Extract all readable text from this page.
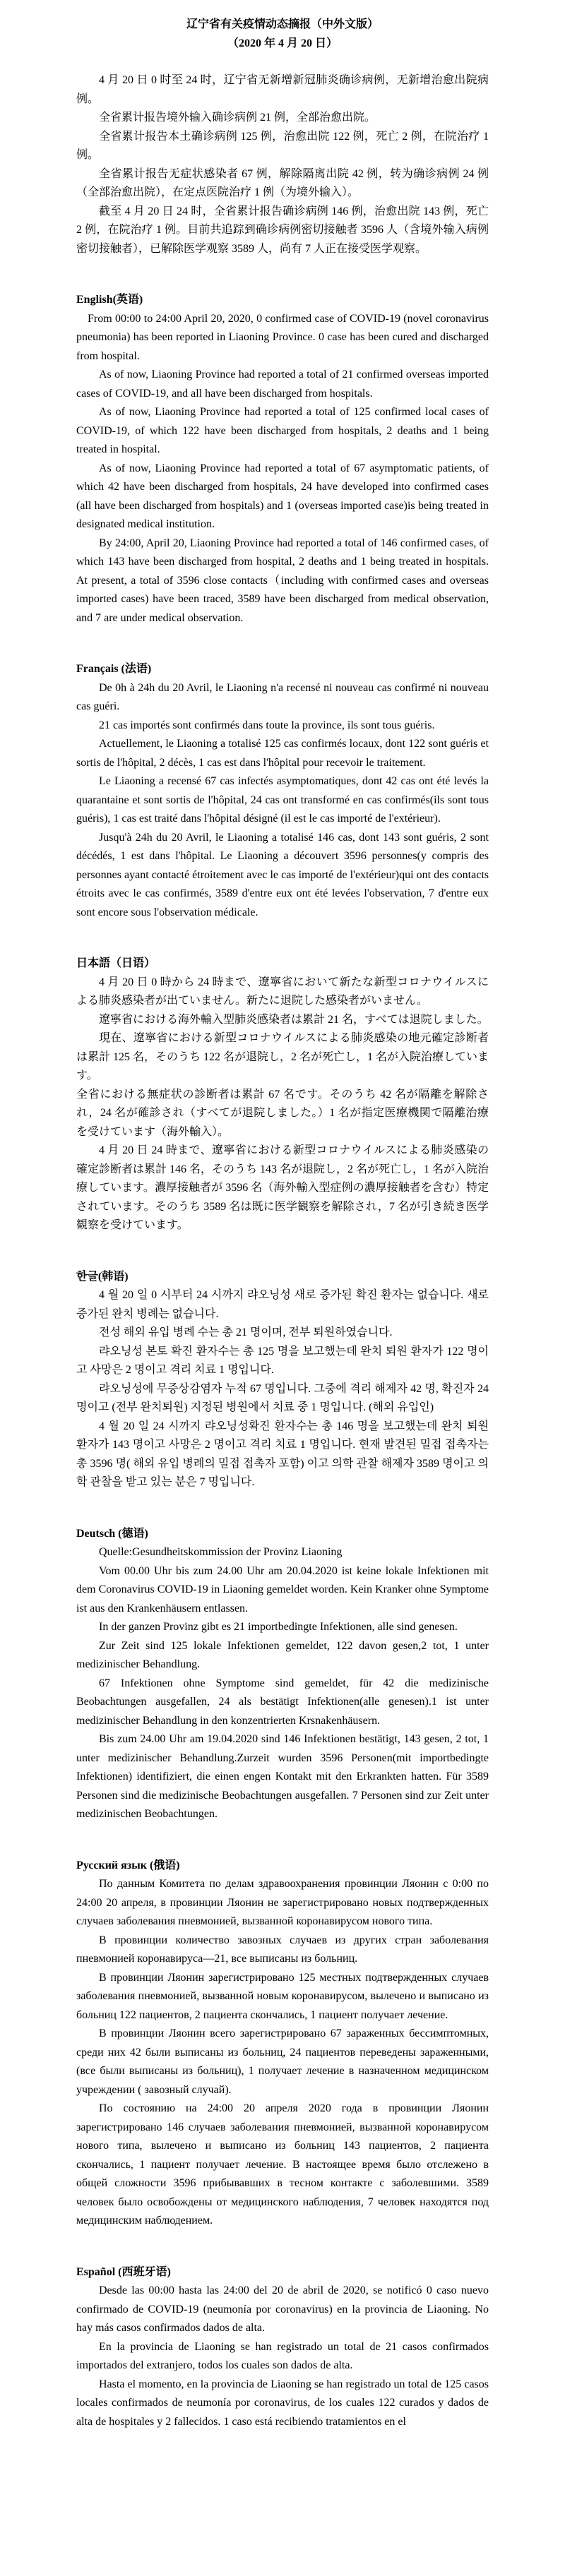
辽宁省有关疫情动态摘报（中外文版）
（2020 年 4 月 20 日）

4 月 20 日 0 时至 24 时，辽宁省无新增新冠肺炎确诊病例，无新增治愈出院病例。

全省累计报告境外输入确诊病例 21 例，全部治愈出院。

全省累计报告本土确诊病例 125 例，治愈出院 122 例，死亡 2 例，在院治疗 1 例。

全省累计报告无症状感染者 67 例，解除隔离出院 42 例，转为确诊病例 24 例（全部治愈出院），在定点医院治疗 1 例（为境外输入）。

截至 4 月 20 日 24 时，全省累计报告确诊病例 146 例，治愈出院 143 例，死亡 2 例，在院治疗 1 例。目前共追踪到确诊病例密切接触者 3596 人（含境外输入病例密切接触者），已解除医学观察 3589 人，尚有 7 人正在接受医学观察。

English(英语)

From 00:00 to 24:00 April 20, 2020, 0 confirmed case of COVID-19 (novel coronavirus pneumonia) has been reported in Liaoning Province. 0 case has been cured and discharged from hospital.

As of now, Liaoning Province had reported a total of 21 confirmed overseas imported cases of COVID-19, and all have been discharged from hospitals.

As of now, Liaoning Province had reported a total of 125 confirmed local cases of COVID-19, of which 122 have been discharged from hospitals, 2 deaths and 1 being treated in hospital.

As of now, Liaoning Province had reported a total of 67 asymptomatic patients, of which 42 have been discharged from hospitals, 24 have developed into confirmed cases (all have been discharged from hospitals) and 1 (overseas imported case)is being treated in designated medical institution.

By 24:00, April 20, Liaoning Province had reported a total of 146 confirmed cases, of which 143 have been discharged from hospital, 2 deaths and 1 being treated in hospitals. At present, a total of 3596 close contacts（including with confirmed cases and overseas imported cases) have been traced, 3589 have been discharged from medical observation, and 7 are under medical observation.

Français (法语)

De 0h à 24h du 20 Avril, le Liaoning n'a recensé ni nouveau cas confirmé ni nouveau cas guéri.

21 cas importés sont confirmés dans toute la province, ils sont tous guéris.

Actuellement, le Liaoning a totalisé 125 cas confirmés locaux, dont 122 sont guéris et sortis de l'hôpital, 2 décès, 1 cas est dans l'hôpital pour recevoir le traitement.

Le Liaoning a recensé 67 cas infectés asymptomatiques, dont 42 cas ont été levés la quarantaine et sont sortis de l'hôpital, 24 cas ont transformé en cas confirmés(ils sont tous guéris), 1 cas est traité dans l'hôpital désigné (il est le cas importé de l'extérieur).

Jusqu'à 24h du 20 Avril, le Liaoning a totalisé 146 cas, dont 143 sont guéris, 2 sont décédés, 1 est dans l'hôpital. Le Liaoning a découvert 3596 personnes(y compris des personnes ayant contacté étroitement avec le cas importé de l'extérieur)qui ont des contacts étroits avec le cas confirmés, 3589 d'entre eux ont été levées l'observation, 7 d'entre eux sont encore sous l'observation médicale.

日本語（日语）

4 月 20 日 0 時から 24 時まで、遼寧省において新たな新型コロナウイルスによる肺炎感染者が出ていません。新たに退院した感染者がいません。

遼寧省における海外輸入型肺炎感染者は累計 21 名，すべては退院しました。

現在、遼寧省における新型コロナウイルスによる肺炎感染の地元確定診断者は累計 125 名，そのうち 122 名が退院し，2 名が死亡し，1 名が入院治療しています。

全省における無症状の診断者は累計 67 名です。そのうち 42 名が隔離を解除され，24 名が確診され（すべてが退院しました。）1 名が指定医療機関で隔離治療を受けています（海外輸入）。

4 月 20 日 24 時まで、遼寧省における新型コロナウイルスによる肺炎感染の確定診断者は累計 146 名，そのうち 143 名が退院し，2 名が死亡し，1 名が入院治療しています。濃厚接触者が 3596 名（海外輸入型症例の濃厚接触者を含む）特定されています。そのうち 3589 名は既に医学観察を解除され，7 名が引き続き医学観察を受けています。

한글(韩语)

4 월 20 일 0 시부터 24 시까지 랴오닝성 새로 증가된 확진 환자는 없습니다. 새로 증가된 완치 병례는 없습니다.

전성 해외 유입 병례 수는 총 21 명이며, 전부 퇴원하였습니다.

랴오닝성 본토 확진 환자수는 총 125 명을 보고했는데 완치 퇴원 환자가 122 명이고 사망은 2 명이고 격리 치료 1 명입니다.

랴오닝성에 무증상감염자 누적 67 명입니다. 그중에 격리 해제자 42 명, 확진자 24 명이고 (전부 완치퇴원) 지정된 병원에서 치료 중 1 명입니다. (해외 유입인)

4 월 20 일 24 시까지 랴오닝성확진 환자수는 총 146 명을 보고했는데 완치 퇴원 환자가 143 명이고 사망은 2 명이고 격리 치료 1 명입니다. 현재 발견된 밀접 접촉자는 총 3596 명( 해외 유입 병례의 밀접 접촉자 포함) 이고 의학 관찰 해제자 3589 명이고 의학 관찰을 받고 있는 분은 7 명입니다.

Deutsch (德语)

Quelle:Gesundheitskommission der Provinz Liaoning

Vom 00.00 Uhr bis zum 24.00 Uhr am 20.04.2020 ist keine lokale Infektionen mit dem Coronavirus COVID-19 in Liaoning gemeldet worden. Kein Kranker ohne Symptome ist aus den Krankenhäusern entlassen.

In der ganzen Provinz gibt es 21 importbedingte Infektionen, alle sind genesen.

Zur Zeit sind 125 lokale Infektionen gemeldet, 122 davon gesen,2 tot, 1 unter medizinischer Behandlung.

67 Infektionen ohne Symptome sind gemeldet, für 42 die medizinische Beobachtungen ausgefallen, 24 als bestätigt Infektionen(alle genesen).1 ist unter medizinischer Behandlung in den konzentrierten Krsnakenhäusern.

Bis zum 24.00 Uhr am 19.04.2020 sind 146 Infektionen bestätigt, 143 gesen, 2 tot, 1 unter medizinischer Behandlung.Zurzeit wurden 3596 Personen(mit importbedingte Infektionen) identifiziert, die einen engen Kontakt mit den Erkrankten hatten. Für 3589 Personen sind die medizinische Beobachtungen ausgefallen. 7 Personen sind zur Zeit unter medizinischen Beobachtungen.

Русский язык (俄语)

По данным Комитета по делам здравоохранения провинции Ляонин с 0:00 по 24:00 20 апреля, в провинции Ляонин не зарегистрировано новых подтвержденных случаев заболевания пневмонией, вызванной коронавирусом нового типа.

В провинции количество завозных случаев из других стран заболевания пневмонией коронавируса—21, все выписаны из больниц.

В провинции Ляонин зарегистрировано 125 местных подтвержденных случаев заболевания пневмонией, вызванной новым коронавирусом, вылечено и выписано из больниц 122 пациентов, 2 пациента скончались, 1 пациент получает лечение.

В провинции Ляонин всего зарегистрировано 67 зараженных бессимптомных, среди них 42 были выписаны из больниц, 24 пациентов переведены зараженными, (все были выписаны из больниц), 1 получает лечение в назначенном медицинском учреждении ( завозный случай).

По состоянию на 24:00 20 апреля 2020 года в провинции Ляонин зарегистрировано 146 случаев заболевания пневмонией, вызванной коронавирусом нового типа, вылечено и выписано из больниц 143 пациентов, 2 пациента скончались, 1 пациент получает лечение. В настоящее время было отслежено в общей сложности 3596 прибывавших в тесном контакте с заболевшими. 3589 человек было освобождены от медицинского наблюдения, 7 человек находятся под медицинским наблюдением.

Español (西班牙语)

Desde las 00:00 hasta las 24:00 del 20 de abril de 2020, se notificó 0 caso nuevo confirmado de COVID-19 (neumonía por coronavirus) en la provincia de Liaoning. No hay más casos confirmados dados de alta.

En la provincia de Liaoning se han registrado un total de 21 casos confirmados importados del extranjero, todos los cuales son dados de alta.

Hasta el momento, en la provincia de Liaoning se han registrado un total de 125 casos locales confirmados de neumonía por coronavirus, de los cuales 122 curados y dados de alta de hospitales y 2 fallecidos. 1 caso está recibiendo tratamientos en el
